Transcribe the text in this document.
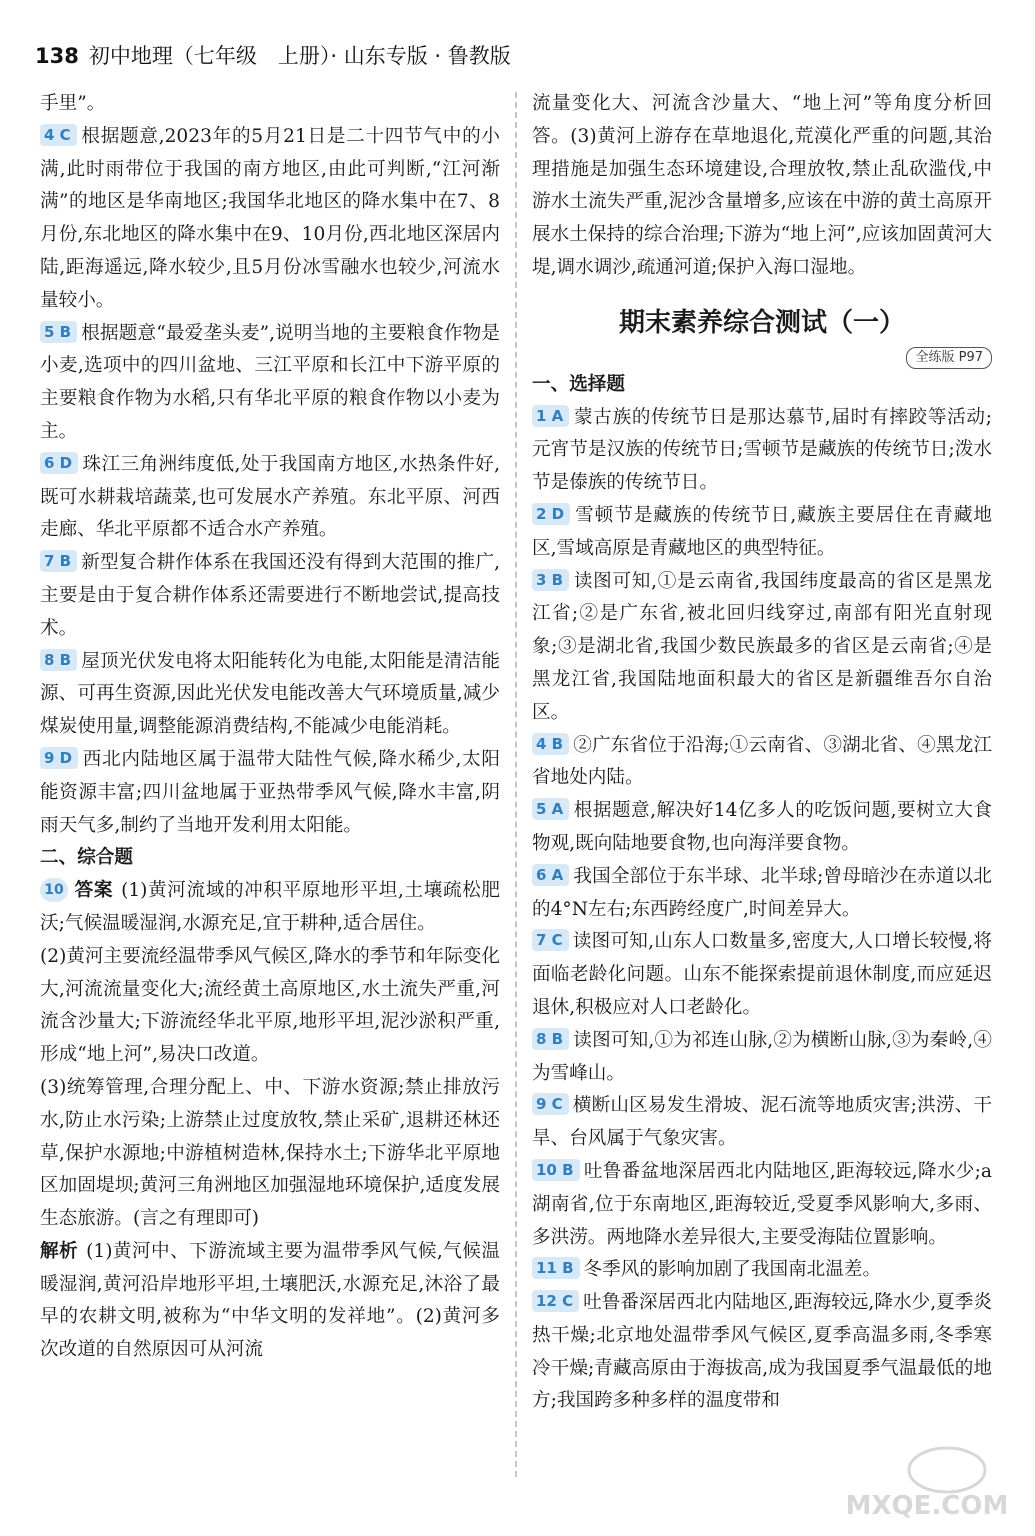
138 初中地理（七年级　上册）· 山东专版 · 鲁教版

手里”。

4 C 根据题意,2023年的5月21日是二十四节气中的小满,此时雨带位于我国的南方地区,由此可判断,“江河渐满”的地区是华南地区;我国华北地区的降水集中在7、8月份,东北地区的降水集中在9、10月份,西北地区深居内陆,距海遥远,降水较少,且5月份冰雪融水也较少,河流水量较小。

5 B 根据题意“最爱垄头麦”,说明当地的主要粮食作物是小麦,选项中的四川盆地、三江平原和长江中下游平原的主要粮食作物为水稻,只有华北平原的粮食作物以小麦为主。

6 D 珠江三角洲纬度低,处于我国南方地区,水热条件好,既可水耕栽培蔬菜,也可发展水产养殖。东北平原、河西走廊、华北平原都不适合水产养殖。

7 B 新型复合耕作体系在我国还没有得到大范围的推广,主要是由于复合耕作体系还需要进行不断地尝试,提高技术。

8 B 屋顶光伏发电将太阳能转化为电能,太阳能是清洁能源、可再生资源,因此光伏发电能改善大气环境质量,减少煤炭使用量,调整能源消费结构,不能减少电能消耗。

9 D 西北内陆地区属于温带大陆性气候,降水稀少,太阳能资源丰富;四川盆地属于亚热带季风气候,降水丰富,阴雨天气多,制约了当地开发利用太阳能。

二、综合题

10 答案 (1)黄河流域的冲积平原地形平坦,土壤疏松肥沃;气候温暖湿润,水源充足,宜于耕种,适合居住。

(2)黄河主要流经温带季风气候区,降水的季节和年际变化大,河流流量变化大;流经黄土高原地区,水土流失严重,河流含沙量大;下游流经华北平原,地形平坦,泥沙淤积严重,形成“地上河”,易决口改道。

(3)统筹管理,合理分配上、中、下游水资源;禁止排放污水,防止水污染;上游禁止过度放牧,禁止采矿,退耕还林还草,保护水源地;中游植树造林,保持水土;下游华北平原地区加固堤坝;黄河三角洲地区加强湿地环境保护,适度发展生态旅游。(言之有理即可)

解析 (1)黄河中、下游流域主要为温带季风气候,气候温暖湿润,黄河沿岸地形平坦,土壤肥沃,水源充足,沐浴了最早的农耕文明,被称为“中华文明的发祥地”。(2)黄河多次改道的自然原因可从河流

流量变化大、河流含沙量大、“地上河”等角度分析回答。(3)黄河上游存在草地退化,荒漠化严重的问题,其治理措施是加强生态环境建设,合理放牧,禁止乱砍滥伐,中游水土流失严重,泥沙含量增多,应该在中游的黄土高原开展水土保持的综合治理;下游为“地上河”,应该加固黄河大堤,调水调沙,疏通河道;保护入海口湿地。

期末素养综合测试（一）
全练版 P97

一、选择题

1 A 蒙古族的传统节日是那达慕节,届时有摔跤等活动;元宵节是汉族的传统节日;雪顿节是藏族的传统节日;泼水节是傣族的传统节日。

2 D 雪顿节是藏族的传统节日,藏族主要居住在青藏地区,雪域高原是青藏地区的典型特征。

3 B 读图可知,①是云南省,我国纬度最高的省区是黑龙江省;②是广东省,被北回归线穿过,南部有阳光直射现象;③是湖北省,我国少数民族最多的省区是云南省;④是黑龙江省,我国陆地面积最大的省区是新疆维吾尔自治区。

4 B ②广东省位于沿海;①云南省、③湖北省、④黑龙江省地处内陆。

5 A 根据题意,解决好14亿多人的吃饭问题,要树立大食物观,既向陆地要食物,也向海洋要食物。

6 A 我国全部位于东半球、北半球;曾母暗沙在赤道以北的4°N左右;东西跨经度广,时间差异大。

7 C 读图可知,山东人口数量多,密度大,人口增长较慢,将面临老龄化问题。山东不能探索提前退休制度,而应延迟退休,积极应对人口老龄化。

8 B 读图可知,①为祁连山脉,②为横断山脉,③为秦岭,④为雪峰山。

9 C 横断山区易发生滑坡、泥石流等地质灾害;洪涝、干旱、台风属于气象灾害。

10 B 吐鲁番盆地深居西北内陆地区,距海较远,降水少;a湖南省,位于东南地区,距海较近,受夏季风影响大,多雨、多洪涝。两地降水差异很大,主要受海陆位置影响。

11 B 冬季风的影响加剧了我国南北温差。

12 C 吐鲁番深居西北内陆地区,距海较远,降水少,夏季炎热干燥;北京地处温带季风气候区,夏季高温多雨,冬季寒冷干燥;青藏高原由于海拔高,成为我国夏季气温最低的地方;我国跨多种多样的温度带和

MXQE.COM
